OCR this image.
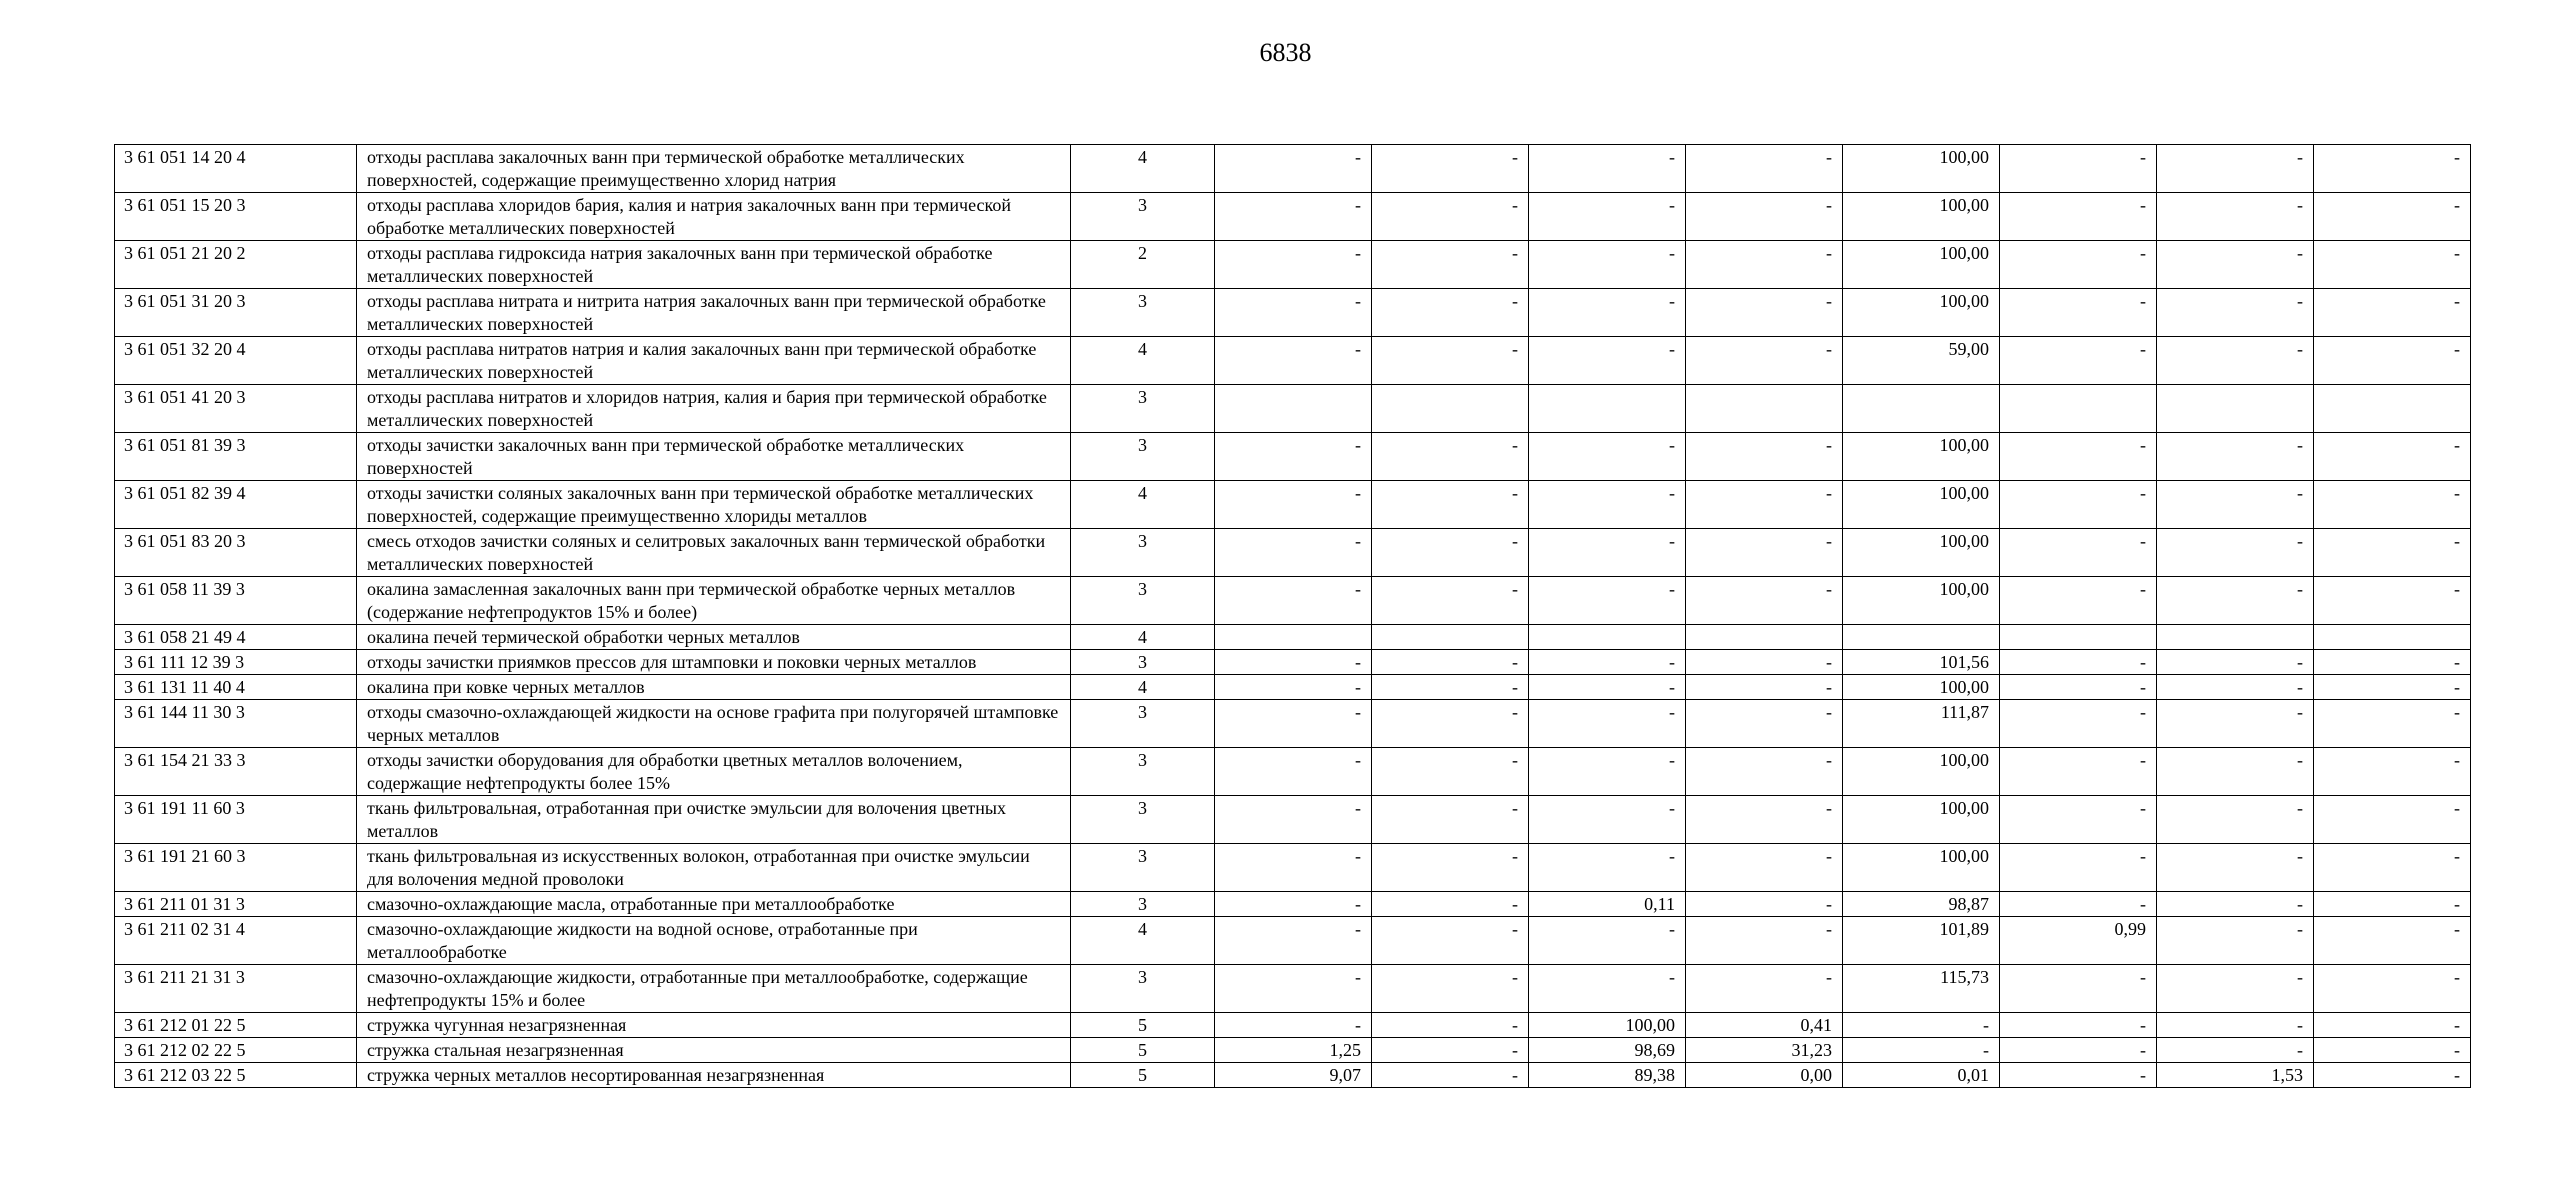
6838
3 61 051 14 20 4	отходы расплава закалочных ванн при термической обработке металлических поверхностей, содержащие преимущественно хлорид натрия	4	-	-	-	-	100,00	-	-	-
3 61 051 15 20 3	отходы расплава хлоридов бария, калия и натрия закалочных ванн при термической обработке металлических поверхностей	3	-	-	-	-	100,00	-	-	-
3 61 051 21 20 2	отходы расплава гидроксида натрия закалочных ванн при термической обработке металлических поверхностей	2	-	-	-	-	100,00	-	-	-
3 61 051 31 20 3	отходы расплава нитрата и нитрита натрия закалочных ванн при термической обработке металлических поверхностей	3	-	-	-	-	100,00	-	-	-
3 61 051 32 20 4	отходы расплава нитратов натрия и калия закалочных ванн при термической обработке металлических поверхностей	4	-	-	-	-	59,00	-	-	-
3 61 051 41 20 3	отходы расплава нитратов и хлоридов натрия, калия и бария при термической обработке металлических поверхностей	3								
3 61 051 81 39 3	отходы зачистки закалочных ванн при термической обработке металлических поверхностей	3	-	-	-	-	100,00	-	-	-
3 61 051 82 39 4	отходы зачистки соляных закалочных ванн при термической обработке металлических поверхностей, содержащие преимущественно хлориды металлов	4	-	-	-	-	100,00	-	-	-
3 61 051 83 20 3	смесь отходов зачистки соляных и селитровых закалочных ванн термической обработки металлических поверхностей	3	-	-	-	-	100,00	-	-	-
3 61 058 11 39 3	окалина замасленная закалочных ванн при термической обработке черных металлов (содержание нефтепродуктов 15% и более)	3	-	-	-	-	100,00	-	-	-
3 61 058 21 49 4	окалина печей термической обработки черных металлов	4								
3 61 111 12 39 3	отходы зачистки приямков прессов для штамповки и поковки черных металлов	3	-	-	-	-	101,56	-	-	-
3 61 131 11 40 4	окалина при ковке черных металлов	4	-	-	-	-	100,00	-	-	-
3 61 144 11 30 3	отходы смазочно-охлаждающей жидкости на основе графита при полугорячей штамповке черных металлов	3	-	-	-	-	111,87	-	-	-
3 61 154 21 33 3	отходы зачистки оборудования для обработки цветных металлов волочением, содержащие нефтепродукты более 15%	3	-	-	-	-	100,00	-	-	-
3 61 191 11 60 3	ткань фильтровальная, отработанная при очистке эмульсии для волочения цветных металлов	3	-	-	-	-	100,00	-	-	-
3 61 191 21 60 3	ткань фильтровальная из искусственных волокон, отработанная при очистке эмульсии для волочения медной проволоки	3	-	-	-	-	100,00	-	-	-
3 61 211 01 31 3	смазочно-охлаждающие масла, отработанные при металлообработке	3	-	-	0,11	-	98,87	-	-	-
3 61 211 02 31 4	смазочно-охлаждающие жидкости на водной основе, отработанные при металлообработке	4	-	-	-	-	101,89	0,99	-	-
3 61 211 21 31 3	смазочно-охлаждающие жидкости, отработанные при металлообработке, содержащие нефтепродукты 15% и более	3	-	-	-	-	115,73	-	-	-
3 61 212 01 22 5	стружка чугунная незагрязненная	5	-	-	100,00	0,41	-	-	-	-
3 61 212 02 22 5	стружка стальная незагрязненная	5	1,25	-	98,69	31,23	-	-	-	-
3 61 212 03 22 5	стружка черных металлов несортированная незагрязненная	5	9,07	-	89,38	0,00	0,01	-	1,53	-
